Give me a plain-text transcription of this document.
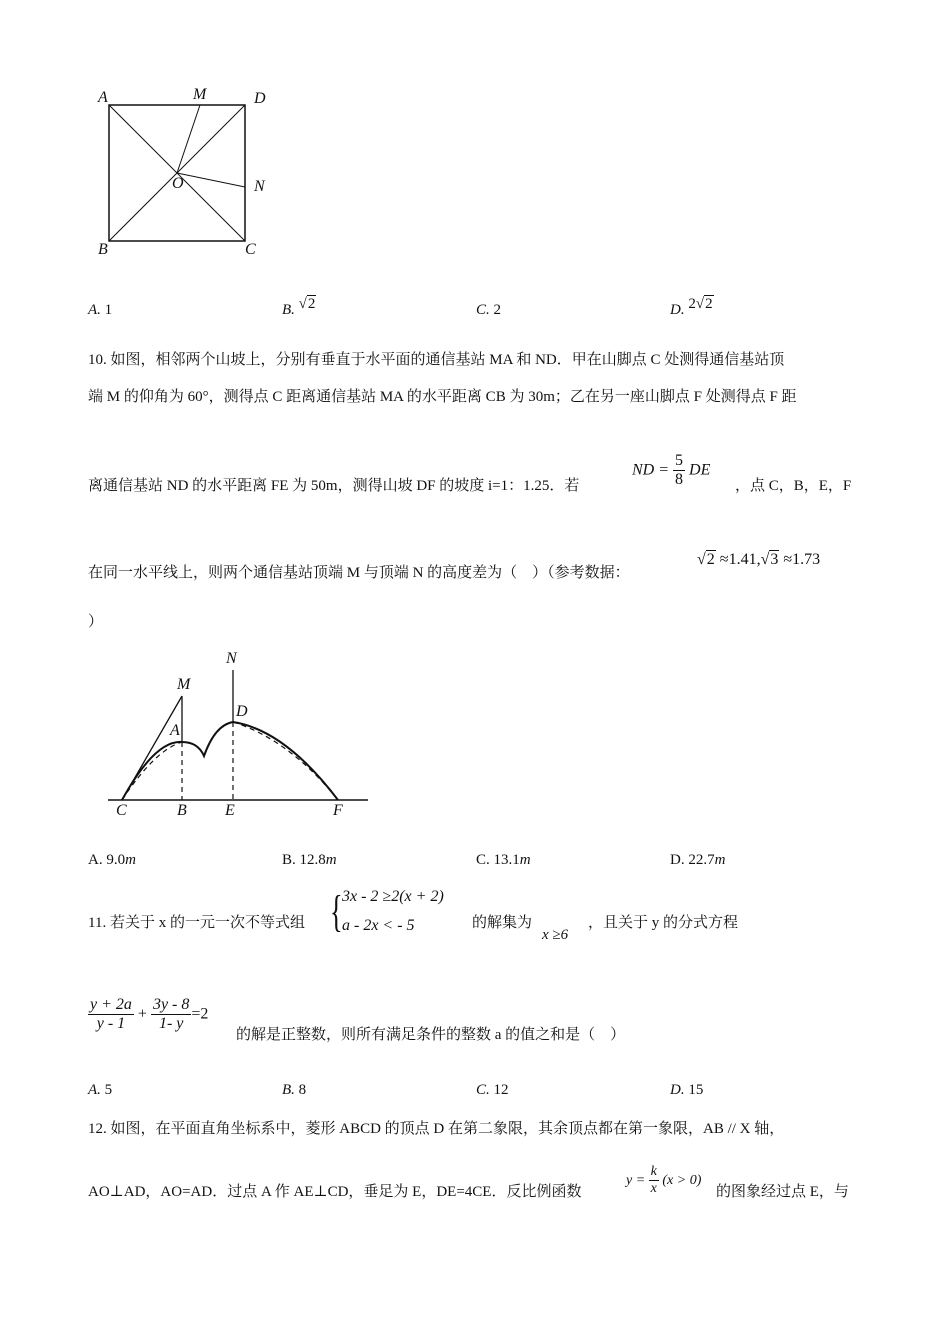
A	M	D
O	N
B	C
A. 1	B. √2	C. 2	D. 2√2
10. 如图，相邻两个山坡上，分别有垂直于水平面的通信基站 MA 和 ND．甲在山脚点 C 处测得通信基站顶
端 M 的仰角为 60°，测得点 C 距离通信基站 MA 的水平距离 CB 为 30m；乙在另一座山脚点 F 处测得点 F 距
离通信基站 ND 的水平距离 FE 为 50m，测得山坡 DF 的坡度 i=1：1.25．若
ND = $\frac{5}{8}$ DE
，点 C，B，E，F
在同一水平线上，则两个通信基站顶端 M 与顶端 N 的高度差为（　）（参考数据：
√2 ≈1.41,√3 ≈1.73
）
N
M
A
D
C	B E	F
A. 9.0m	B. 12.8m	C. 13.1m	D. 22.7m
11. 若关于 x 的一元一次不等式组 { 3x - 2 ≥2(x + 2)
a - 2x < - 5	的解集为
x ≥6
，且关于 y 的分式方程
$\frac{y + 2a}{y - 1} + \frac{3y - 8}{1- y} =2$
的解是正整数，则所有满足条件的整数 a 的值之和是（　）
A. 5	B. 8	C. 12	D. 15
12. 如图，在平面直角坐标系中，菱形 ABCD 的顶点 D 在第二象限，其余顶点都在第一象限，AB // X 轴，
AO⊥AD，AO=AD．过点 A 作 AE⊥CD，垂足为 E，DE=4CE．反比例函数
$y = \frac{k}{x} (x > 0)$
的图象经过点 E，与
